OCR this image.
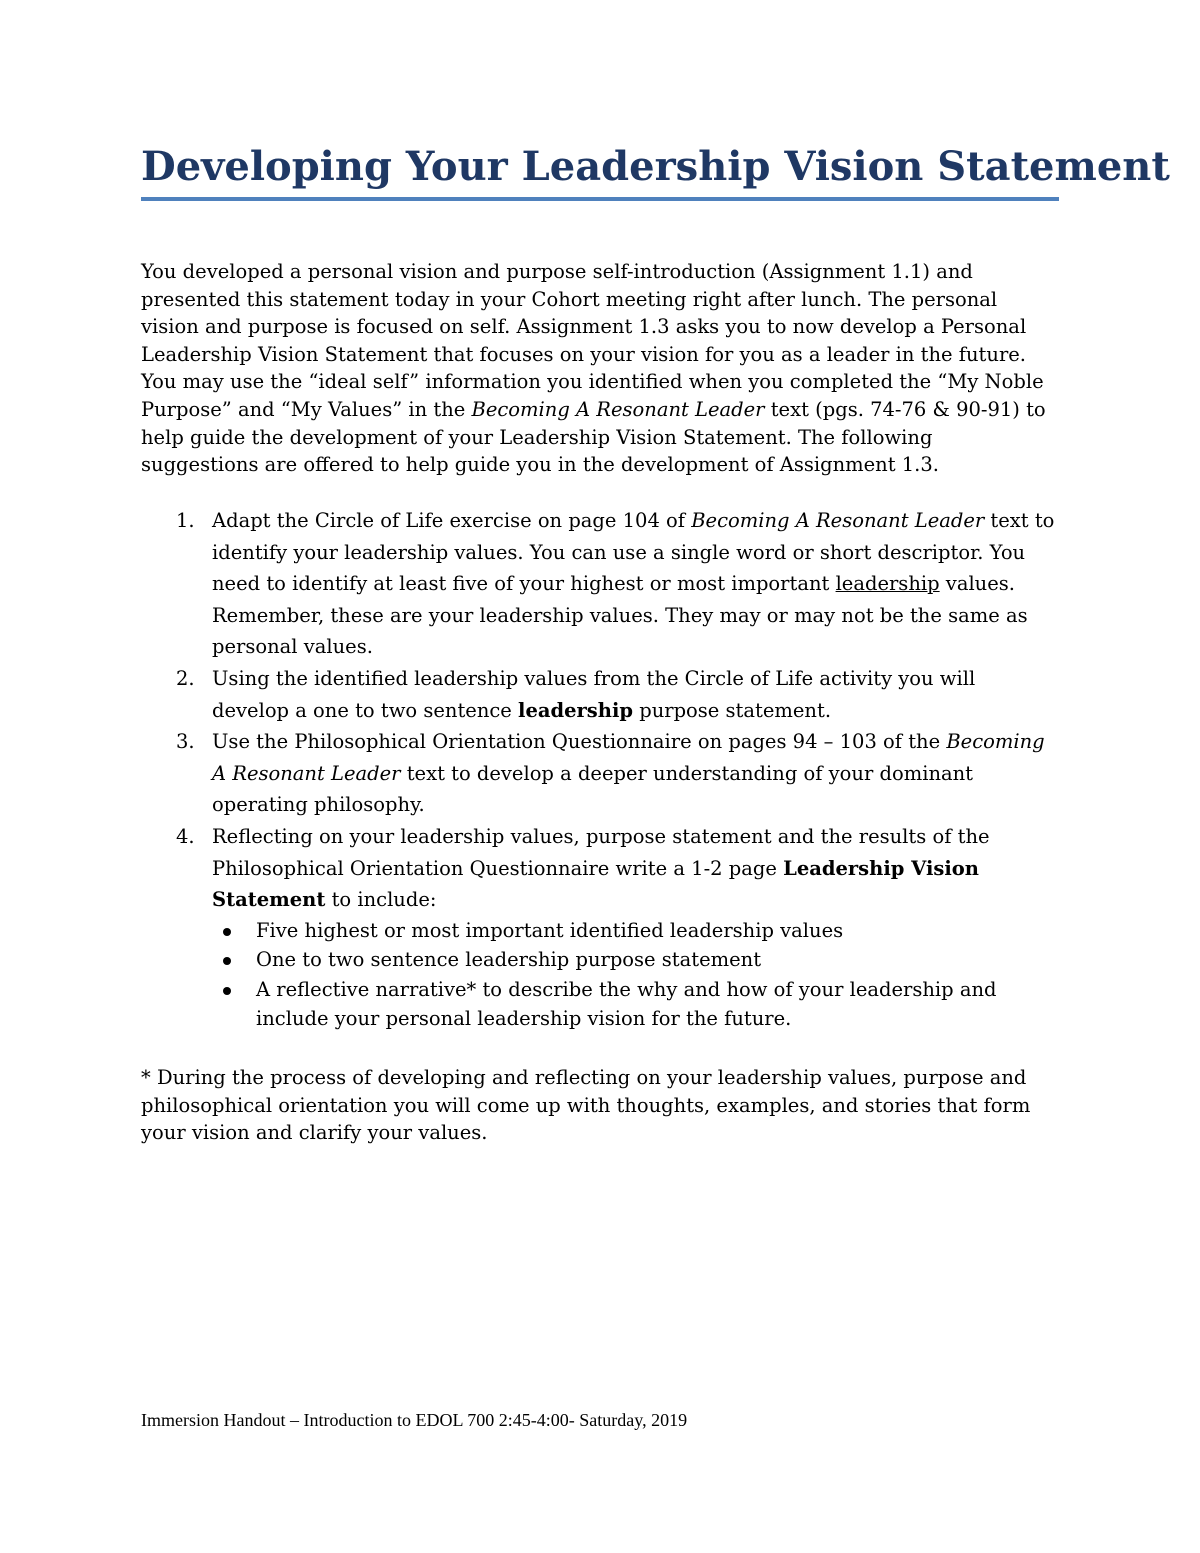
Developing Your Leadership Vision Statement

You developed a personal vision and purpose self-introduction (Assignment 1.1) and
presented this statement today in your Cohort meeting right after lunch. The personal
vision and purpose is focused on self. Assignment 1.3 asks you to now develop a Personal
Leadership Vision Statement that focuses on your vision for you as a leader in the future.
You may use the “ideal self” information you identified when you completed the “My Noble
Purpose” and “My Values” in the Becoming A Resonant Leader text (pgs. 74-76 & 90-91) to
help guide the development of your Leadership Vision Statement. The following
suggestions are offered to help guide you in the development of Assignment 1.3.

1. Adapt the Circle of Life exercise on page 104 of Becoming A Resonant Leader text to
identify your leadership values. You can use a single word or short descriptor. You
need to identify at least five of your highest or most important leadership values.
Remember, these are your leadership values. They may or may not be the same as
personal values.
2. Using the identified leadership values from the Circle of Life activity you will
develop a one to two sentence leadership purpose statement.
3. Use the Philosophical Orientation Questionnaire on pages 94 – 103 of the Becoming
A Resonant Leader text to develop a deeper understanding of your dominant
operating philosophy.
4. Reflecting on your leadership values, purpose statement and the results of the
Philosophical Orientation Questionnaire write a 1-2 page Leadership Vision
Statement to include:
Five highest or most important identified leadership values
One to two sentence leadership purpose statement
A reflective narrative* to describe the why and how of your leadership and
include your personal leadership vision for the future.

* During the process of developing and reflecting on your leadership values, purpose and
philosophical orientation you will come up with thoughts, examples, and stories that form
your vision and clarify your values.

Immersion Handout – Introduction to EDOL 700 2:45-4:00- Saturday, 2019
